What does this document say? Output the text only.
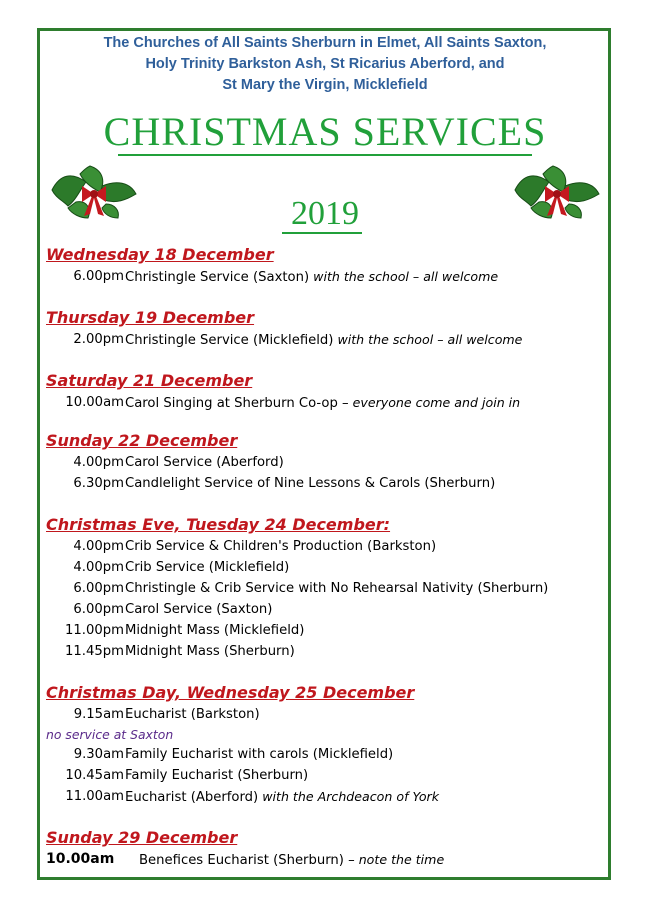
The Churches of All Saints Sherburn in Elmet, All Saints Saxton,
Holy Trinity Barkston Ash, St Ricarius Aberford, and
St Mary the Virgin, Micklefield
CHRISTMAS SERVICES
2019
Wednesday 18 December
6.00pm Christingle Service (Saxton) with the school – all welcome
Thursday 19 December
2.00pm Christingle Service (Micklefield) with the school – all welcome
Saturday 21 December
10.00am Carol Singing at Sherburn Co-op – everyone come and join in
Sunday 22 December
4.00pm Carol Service (Aberford)
6.30pm Candlelight Service of Nine Lessons & Carols (Sherburn)
Christmas Eve, Tuesday 24 December:
4.00pm Crib Service & Children's Production (Barkston)
4.00pm Crib Service (Micklefield)
6.00pm Christingle & Crib Service with No Rehearsal Nativity (Sherburn)
6.00pm Carol Service (Saxton)
11.00pm Midnight Mass (Micklefield)
11.45pm Midnight Mass (Sherburn)
Christmas Day, Wednesday 25 December
9.15am Eucharist (Barkston)
no service at Saxton
9.30am Family Eucharist with carols (Micklefield)
10.45am Family Eucharist (Sherburn)
11.00am Eucharist (Aberford) with the Archdeacon of York
Sunday 29 December
10.00am Benefices Eucharist (Sherburn) – note the time
